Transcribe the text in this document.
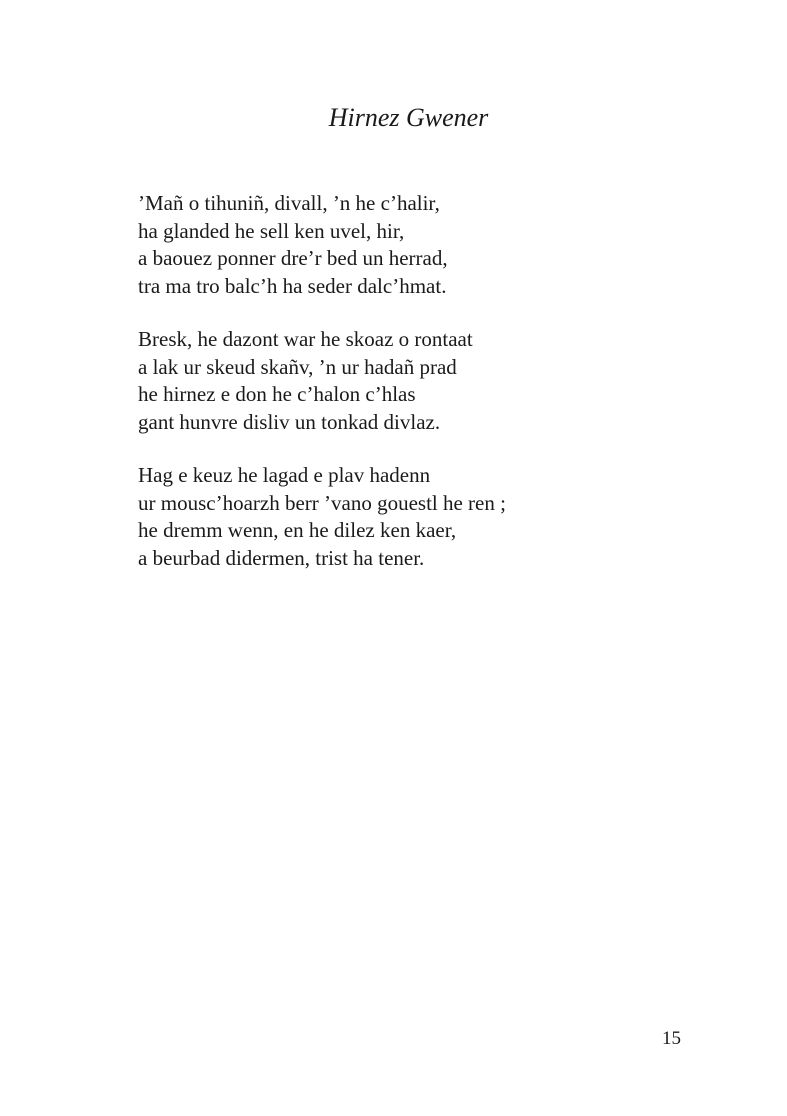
Hirnez Gwener
’Mañ o tihuniñ, divall, ’n he c’halir,
ha glanded he sell ken uvel, hir,
a baouez ponner dre’r bed un herrad,
tra ma tro balc’h ha seder dalc’hmat.
Bresk, he dazont war he skoaz o rontaat
a lak ur skeud skañv, ’n ur hadañ prad
he hirnez e don he c’halon c’hlas
gant hunvre disliv un tonkad divlaz.
Hag e keuz he lagad e plav hadenn
ur mousc’hoarzh berr ’vano gouestl he ren ;
he dremm wenn, en he dilez ken kaer,
a beurbad didermen, trist ha tener.
15
